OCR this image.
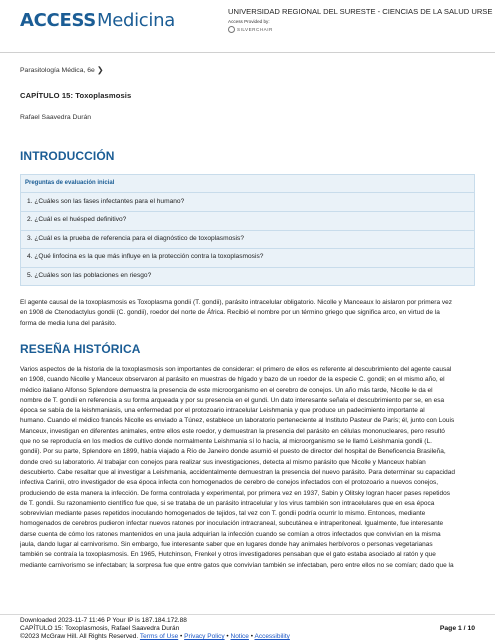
ACCESS Medicina	UNIVERSIDAD REGIONAL DEL SURESTE - CIENCIAS DE LA SALUD URSE
Access Provided by:
SILVERCHAIR
Parasitología Médica, 6e ❯
CAPÍTULO 15: Toxoplasmosis
Rafael Saavedra Durán
INTRODUCCIÓN
Preguntas de evaluación inicial
1. ¿Cuáles son las fases infectantes para el humano?
2. ¿Cuál es el huésped definitivo?
3. ¿Cuál es la prueba de referencia para el diagnóstico de toxoplasmosis?
4. ¿Qué linfocina es la que más influye en la protección contra la toxoplasmosis?
5. ¿Cuáles son las poblaciones en riesgo?
El agente causal de la toxoplasmosis es Toxoplasma gondii (T. gondii), parásito intracelular obligatorio. Nicolle y Manceaux lo aislaron por primera vez
en 1908 de Ctenodactylus gondii (C. gondii), roedor del norte de África. Recibió el nombre por un término griego que significa arco, en virtud de la
forma de media luna del parásito.
RESEÑA HISTÓRICA
Varios aspectos de la historia de la toxoplasmosis son importantes de considerar: el primero de ellos es referente al descubrimiento del agente causal
en 1908, cuando Nicolle y Manceux observaron al parásito en muestras de hígado y bazo de un roedor de la especie C. gondii; en el mismo año, el
médico italiano Alfonso Splendore demuestra la presencia de este microorganismo en el cerebro de conejos. Un año más tarde, Nicolle le da el
nombre de T. gondii en referencia a su forma arqueada y por su presencia en el gundi. Un dato interesante señala el descubrimiento per se, en esa
época se sabía de la leishmaniasis, una enfermedad por el protozoario intracelular Leishmania y que produce un padecimiento importante al
humano. Cuando el médico francés Nicolle es enviado a Túnez, establece un laboratorio perteneciente al Instituto Pasteur de París; él, junto con Louis
Manceux, investigan en diferentes animales, entre ellos este roedor, y demuestran la presencia del parásito en células mononucleares, pero resultó
que no se reproducía en los medios de cultivo donde normalmente Leishmania sí lo hacía, al microorganismo se le llamó Leishmania gondii (L.
gondii). Por su parte, Splendore en 1899, había viajado a Río de Janeiro donde asumió el puesto de director del hospital de Beneficencia Brasileña,
donde creó su laboratorio. Al trabajar con conejos para realizar sus investigaciones, detecta al mismo parásito que Nicolle y Manceux habían
descubierto. Cabe resaltar que al investigar a Leishmania, accidentalmente demuestran la presencia del nuevo parásito. Para determinar su capacidad
infectiva Carinii, otro investigador de esa época infecta con homogenados de cerebro de conejos infectados con el protozoario a nuevos conejos,
produciendo de esta manera la infección. De forma controlada y experimental, por primera vez en 1937, Sabin y Olitsky logran hacer pases repetidos
de T. gondii. Su razonamiento científico fue que, si se trataba de un parásito intracelular y los virus también son intracelulares que en esa época
sobrevivían mediante pases repetidos inoculando homogenados de tejidos, tal vez con T. gondii podría ocurrir lo mismo. Entonces, mediante
homogenados de cerebros pudieron infectar nuevos ratones por inoculación intracraneal, subcutánea e intraperitoneal. Igualmente, fue interesante
darse cuenta de cómo los ratones mantenidos en una jaula adquirían la infección cuando se comían a otros infectados que convivían en la misma
jaula, dando lugar al carnivorismo. Sin embargo, fue interesante saber que en lugares donde hay animales herbívoros o personas vegetarianas
también se contraía la toxoplasmosis. En 1965, Hutchinson, Frenkel y otros investigadores pensaban que el gato estaba asociado al ratón y que
mediante carnivorismo se infectaban; la sorpresa fue que entre gatos que convivían también se infectaban, pero entre ellos no se comían; dado que la
Downloaded 2023-11-7 11:46 P Your IP is 187.184.172.88
CAPÍTULO 15: Toxoplasmosis, Rafael Saavedra Durán
©2023 McGraw Hill. All Rights Reserved. Terms of Use • Privacy Policy • Notice • Accessibility
Page 1 / 10
